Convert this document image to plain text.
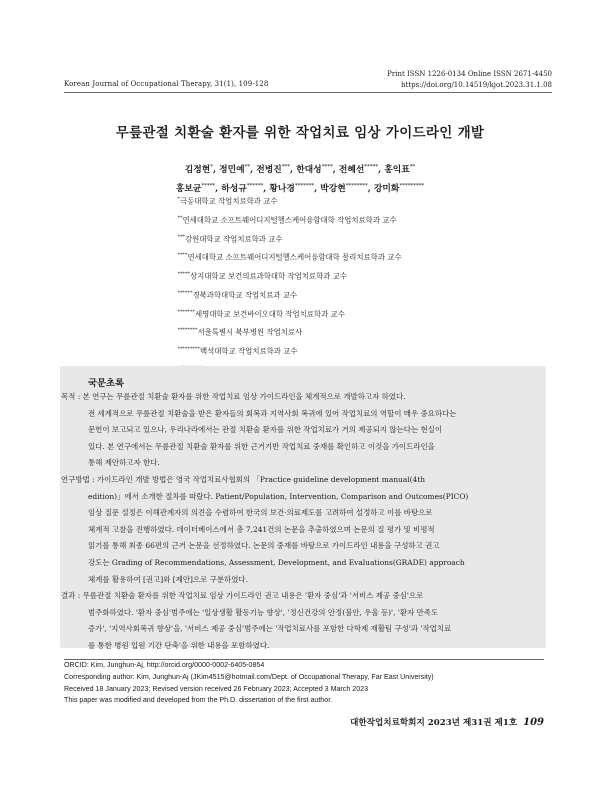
Korean Journal of Occupational Therapy, 31(1), 109-128
Print ISSN 1226-0134 Online ISSN 2671-4450
https://doi.org/10.14519/kjot.2023.31.1.08
무릎관절 치환술 환자를 위한 작업치료 임상 가이드라인 개발
김정현*, 정민예**, 전병진***, 한대성****, 전혜선*****, 홍익표**
홍보균*****, 하성규******, 황나경*******, 박강현********, 강미화*********
*극동대학교 작업치료학과 교수
**연세대학교 소프트웨어디지털헬스케어융합대학 작업치료학과 교수
***강원대학교 작업치료학과 교수
****연세대학교 소프트웨어디지털헬스케어융합대학 물리치료학과 교수
*****상지대학교 보건의료과학대학 작업치료학과 교수
******경북과학대학교 작업치료과 교수
*******세명대학교 보건바이오대학 작업치료학과 교수
********서울특별시 북부병원 작업치료사
*********백석대학교 작업치료학과 교수
국문초록
목적 : 본 연구는 무릎관절 치환술 환자를 위한 작업치료 임상 가이드라인을 체계적으로 개발하고자 하였다.
전 세계적으로 무릎관절 치환술을 받은 환자들의 회복과 지역사회 복귀에 있어 작업치료의 역할이 매우 중요하다는
문헌이 보고되고 있으나, 우리나라에서는 관절 치환술 환자를 위한 작업치료가 거의 제공되지 않는다는 현실이
있다. 본 연구에서는 무릎관절 치환술 환자를 위한 근거기반 작업치료 중재를 확인하고 이것을 가이드라인을
통해 제안하고자 한다.
연구방법 : 가이드라인 개발 방법은 영국 작업치료사협회의 「Practice guideline development manual(4th
edition)」에서 소개한 절차를 따랐다. Patient/Population, Intervention, Comparison and Outcomes(PICO)
임상 질문 설정은 이해관계자의 의견을 수렴하여 한국의 보건·의료제도를 고려하여 설정하고 이를 바탕으로
체계적 고찰을 진행하였다. 데이터베이스에서 총 7,241건의 논문을 추출하였으며 논문의 질 평가 및 비평적
읽기를 통해 최종 66편의 근거 논문을 선정하였다. 논문의 중재를 바탕으로 가이드라인 내용을 구성하고 권고
강도는 Grading of Recommendations, Assessment, Development, and Evaluations(GRADE) approach
체계를 활용하여 [권고]와 [제안]으로 구분하였다.
결과 : 무릎관절 치환술 환자를 위한 작업치료 임상 가이드라인 권고 내용은 '환자 중심'과 '서비스 제공 중심'으로
범주화하였다. '환자 중심'범주에는 '일상생활 활동기능 향상', '정신건강의 안정(불안, 우울 등)', '환자 만족도
증가', '지역사회복귀 향상'을, '서비스 제공 중심'범주에는 '작업치료사를 포함한 다학제 재활팀 구성'과 '작업치료
를 통한 병원 입원 기간 단축'을 위한 내용을 포함하였다.
ORCID: Kim, Junghun-Aj, http://orcid.org/0000-0002-6405-0854
Corresponding author: Kim, Junghun-Aj (JKim4515@hotmail.com/Dept. of Occupational Therapy, Far East University)
Received 18 January 2023; Revised version received 26 February 2023; Accepted 3 March 2023
This paper was modified and developed from the Ph.D. dissertation of the first author.
대한작업치료학회지 2023년 제31권 제1호 109
